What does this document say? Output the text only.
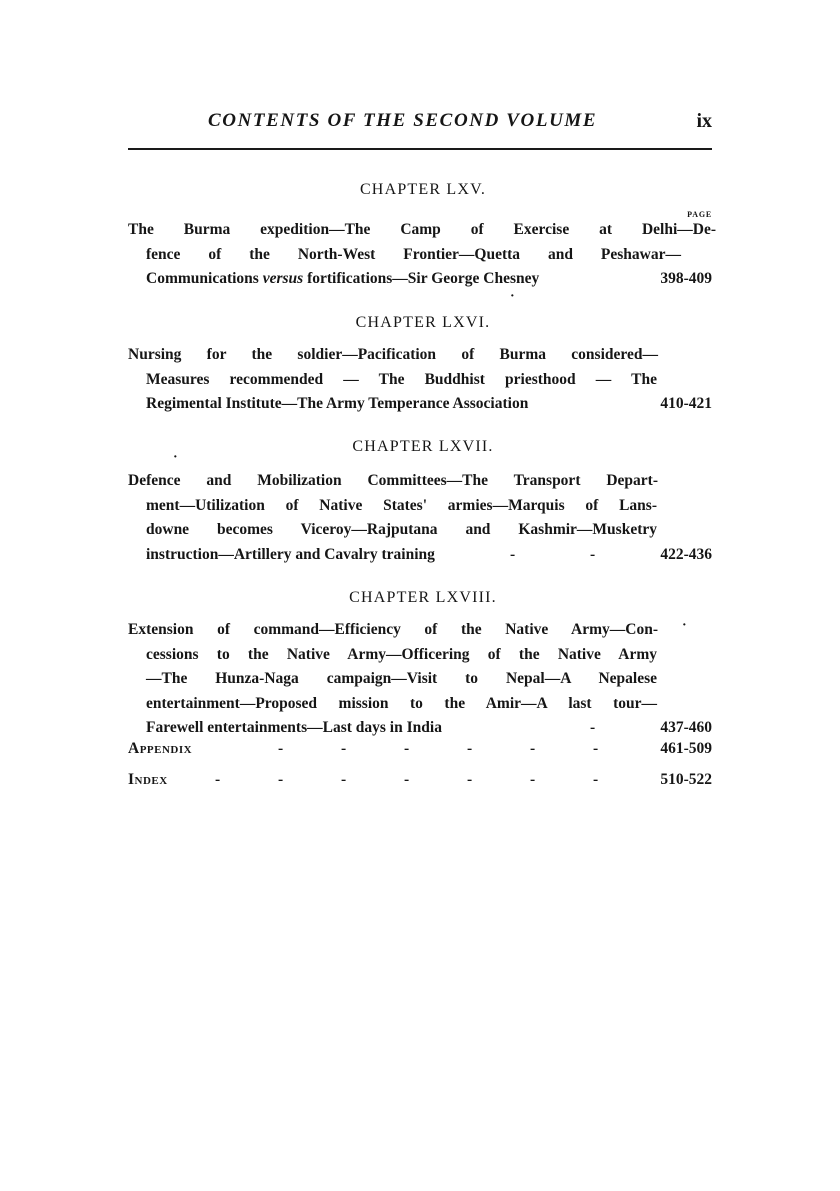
CONTENTS OF THE SECOND VOLUME	ix
CHAPTER LXV.
PAGE
The Burma expedition—The Camp of Exercise at Delhi—De-
fence of the North-West Frontier—Quetta and Peshawar—
Communications versus fortifications—Sir George Chesney	398-409
·
CHAPTER LXVI.
Nursing for the soldier—Pacification of Burma considered—
Measures recommended — The Buddhist priesthood — The
Regimental Institute—The Army Temperance Association	410-421
CHAPTER LXVII.
·
Defence and Mobilization Committees—The Transport Depart-
ment—Utilization of Native States' armies—Marquis of Lans-
downe becomes Viceroy—Rajputana and Kashmir—Musketry
instruction—Artillery and Cavalry training	-	-	422-436
CHAPTER LXVIII.
·
Extension of command—Efficiency of the Native Army—Con-
cessions to the Native Army—Officering of the Native Army
—The Hunza-Naga campaign—Visit to Nepal—A Nepalese
entertainment—Proposed mission to the Amir—A last tour—
Farewell entertainments—Last days in India	-	437-460
Appendix	-	-	-	-	-	-	461-509
Index	-	-	-	-	-	-	-	510-522
